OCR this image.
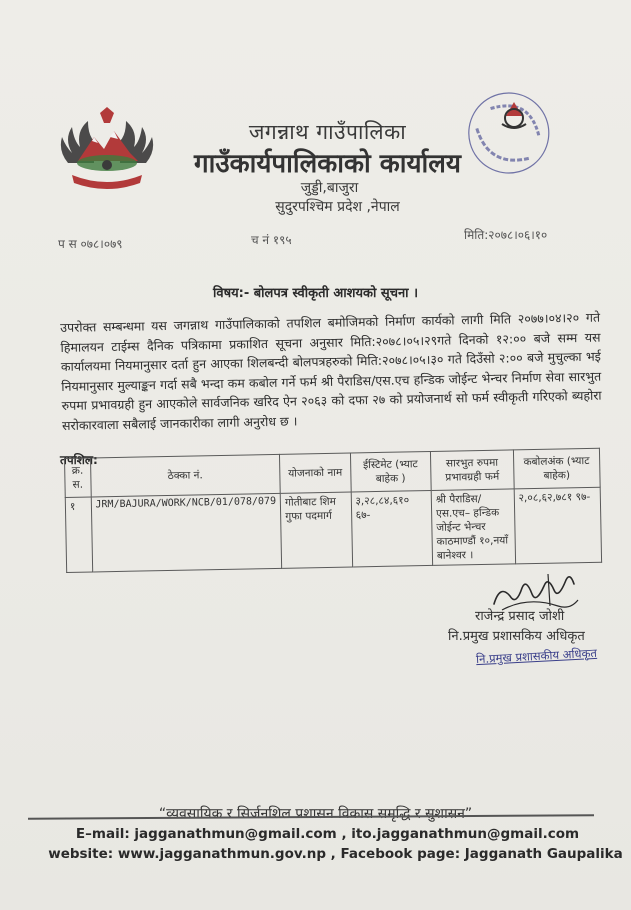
जगन्नाथ गाउँपालिका
गाउँकार्यपालिकाको कार्यालय
जुड्डी,बाजुरा
सुदुरपश्चिम प्रदेश ,नेपाल
प स ०७८।०७९	च नं १९५	मिति:२०७८।०६।१०
विषय:- बोलपत्र स्वीकृती आशयको सूचना ।
उपरोक्त सम्बन्धमा यस जगन्नाथ गाउँपालिकाको तपशिल बमोजिमको निर्माण कार्यको लागी मिति २०७७।०४।२० गते हिमालयन टाईम्स दैनिक पत्रिकामा प्रकाशित सूचना अनुसार मिति:२०७८।०५।२९गते दिनको १२:०० बजे सम्म यस कार्यालयमा नियमानुसार दर्ता हुन आएका शिलबन्दी बोलपत्रहरुको मिति:२०७८।०५।३० गते दिउँसो २:०० बजे मुचुल्का भई नियमानुसार मुल्याङ्कन गर्दा सबै भन्दा कम कबोल गर्ने फर्म श्री पैराडिस/एस.एच हन्डिक जोईन्ट भेन्चर निर्माण सेवा सारभुत रुपमा प्रभावग्रही हुन आएकोले सार्वजनिक खरिद ऐन २०६३ को दफा २७ को प्रयोजनार्थ सो फर्म स्वीकृती गरिएको ब्यहोरा सरोकारवाला सबैलाई जानकारीका लागी अनुरोध छ ।
तपशिल:
क्र. स.	ठेक्का नं.	योजनाको नाम	ईस्टिमेट (भ्याट बाहेक )	सारभुत रुपमा प्रभावग्रही फर्म	कबोलअंक (भ्याट बाहेक)
१	JRM/BAJURA/WORK/NCB/01/078/079	गोतीबाट शिम गुफा पदमार्ग	३,२८,८४,६१० ६७-	श्री पैराडिस/एस.एच– हन्डिक जोईन्ट भेन्चर काठमाण्डौं १०,नयाँ बानेश्वर ।	२,०८,६२,७८१ ९७-
राजेन्द्र प्रसाद जोशी
नि.प्रमुख प्रशासकिय अधिकृत
नि.प्रमुख प्रशासकीय अधिकृत
“व्यवसायिक र सिर्जनशिल प्रशासन विकास समृद्धि र सुशासन”
E–mail: jagganathmun@gmail.com , ito.jagganathmun@gmail.com
website: www.jagganathmun.gov.np , Facebook page: Jagganath Gaupalika
